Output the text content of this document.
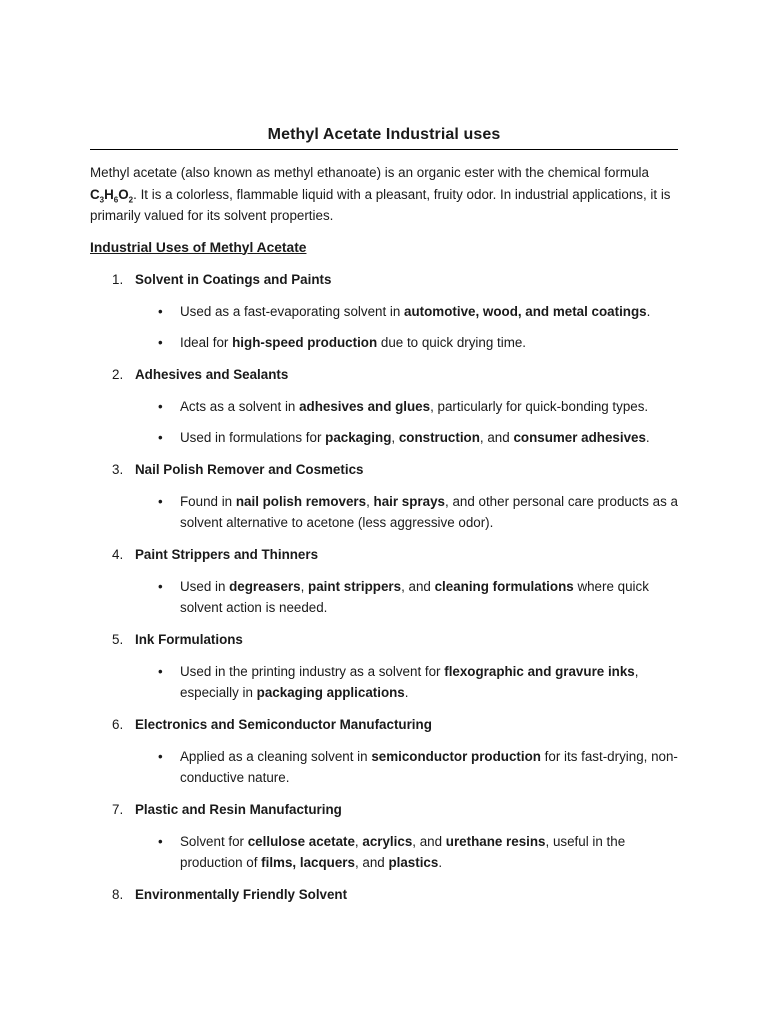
Methyl Acetate Industrial uses

Methyl acetate (also known as methyl ethanoate) is an organic ester with the chemical formula $C_3H_6O_2$. It is a colorless, flammable liquid with a pleasant, fruity odor. In industrial applications, it is primarily valued for its solvent properties.

Industrial Uses of Methyl Acetate
1. Solvent in Coatings and Paints
• Used as a fast-evaporating solvent in automotive, wood, and metal coatings.
• Ideal for high-speed production due to quick drying time.
2. Adhesives and Sealants
• Acts as a solvent in adhesives and glues, particularly for quick-bonding types.
• Used in formulations for packaging, construction, and consumer adhesives.
3. Nail Polish Remover and Cosmetics
• Found in nail polish removers, hair sprays, and other personal care products as a solvent alternative to acetone (less aggressive odor).
4. Paint Strippers and Thinners
• Used in degreasers, paint strippers, and cleaning formulations where quick solvent action is needed.
5. Ink Formulations
• Used in the printing industry as a solvent for flexographic and gravure inks, especially in packaging applications.
6. Electronics and Semiconductor Manufacturing
• Applied as a cleaning solvent in semiconductor production for its fast-drying, non-conductive nature.
7. Plastic and Resin Manufacturing
• Solvent for cellulose acetate, acrylics, and urethane resins, useful in the production of films, lacquers, and plastics.
8. Environmentally Friendly Solvent
